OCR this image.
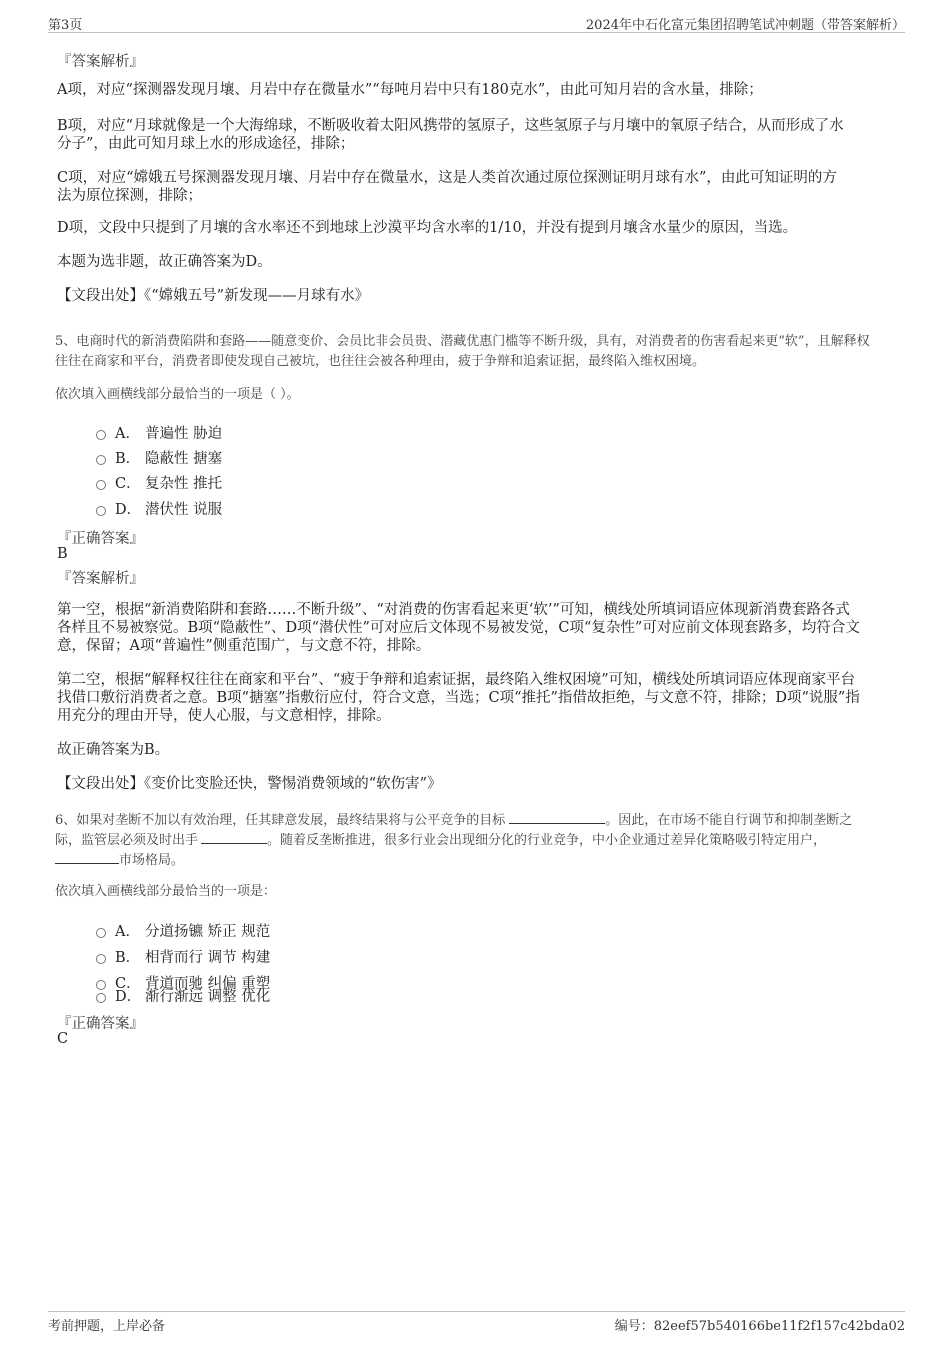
第3页	2024年中石化富元集团招聘笔试冲刺题（带答案解析）
『答案解析』
A项，对应“探测器发现月壤、月岩中存在微量水”“每吨月岩中只有180克水”，由此可知月岩的含水量，排除；
B项，对应“月球就像是一个大海绵球，不断吸收着太阳风携带的氢原子，这些氢原子与月壤中的氧原子结合，从而形成了水
分子”，由此可知月球上水的形成途径，排除；
C项，对应“嫦娥五号探测器发现月壤、月岩中存在微量水，这是人类首次通过原位探测证明月球有水”，由此可知证明的方
法为原位探测，排除；
D项，文段中只提到了月壤的含水率还不到地球上沙漠平均含水率的1/10，并没有提到月壤含水量少的原因，当选。
本题为选非题，故正确答案为D。
【文段出处】《“嫦娥五号”新发现——月球有水》
5、电商时代的新消费陷阱和套路——随意变价、会员比非会员贵、潜藏优惠门槛等不断升级，具有，对消费者的伤害看起来更“软”，且解释权
往往在商家和平台，消费者即使发现自己被坑，也往往会被各种理由，疲于争辩和追索证据，最终陷入维权困境。
依次填入画横线部分最恰当的一项是（ ）。
A． 普遍性 胁迫
B． 隐蔽性 搪塞
C． 复杂性 推托
D． 潜伏性 说服
『正确答案』
B
『答案解析』
第一空，根据“新消费陷阱和套路……不断升级”、“对消费的伤害看起来更‘软’”可知，横线处所填词语应体现新消费套路各式
各样且不易被察觉。B项“隐蔽性”、D项“潜伏性”可对应后文体现不易被发觉，C项“复杂性”可对应前文体现套路多，均符合文
意，保留；A项“普遍性”侧重范围广，与文意不符，排除。
第二空，根据“解释权往往在商家和平台”、“疲于争辩和追索证据，最终陷入维权困境”可知，横线处所填词语应体现商家平台
找借口敷衍消费者之意。B项“搪塞”指敷衍应付，符合文意，当选；C项“推托”指借故拒绝，与文意不符，排除；D项“说服”指
用充分的理由开导，使人心服，与文意相悖，排除。
故正确答案为B。
【文段出处】《变价比变脸还快，警惕消费领域的“软伤害”》
6、如果对垄断不加以有效治理，任其肆意发展，最终结果将与公平竞争的目标	。因此，在市场不能自行调节和抑制垄断之
际，监管层必须及时出手	。随着反垄断推进，很多行业会出现细分化的行业竞争，中小企业通过差异化策略吸引特定用户，
市场格局。
依次填入画横线部分最恰当的一项是：
A． 分道扬镳 矫正 规范
B． 相背而行 调节 构建
C． 背道而驰 纠偏 重塑
D． 渐行渐远 调整 优化
『正确答案』
C
考前押题，上岸必备	编号：82eef57b540166be11f2f157c42bda02
